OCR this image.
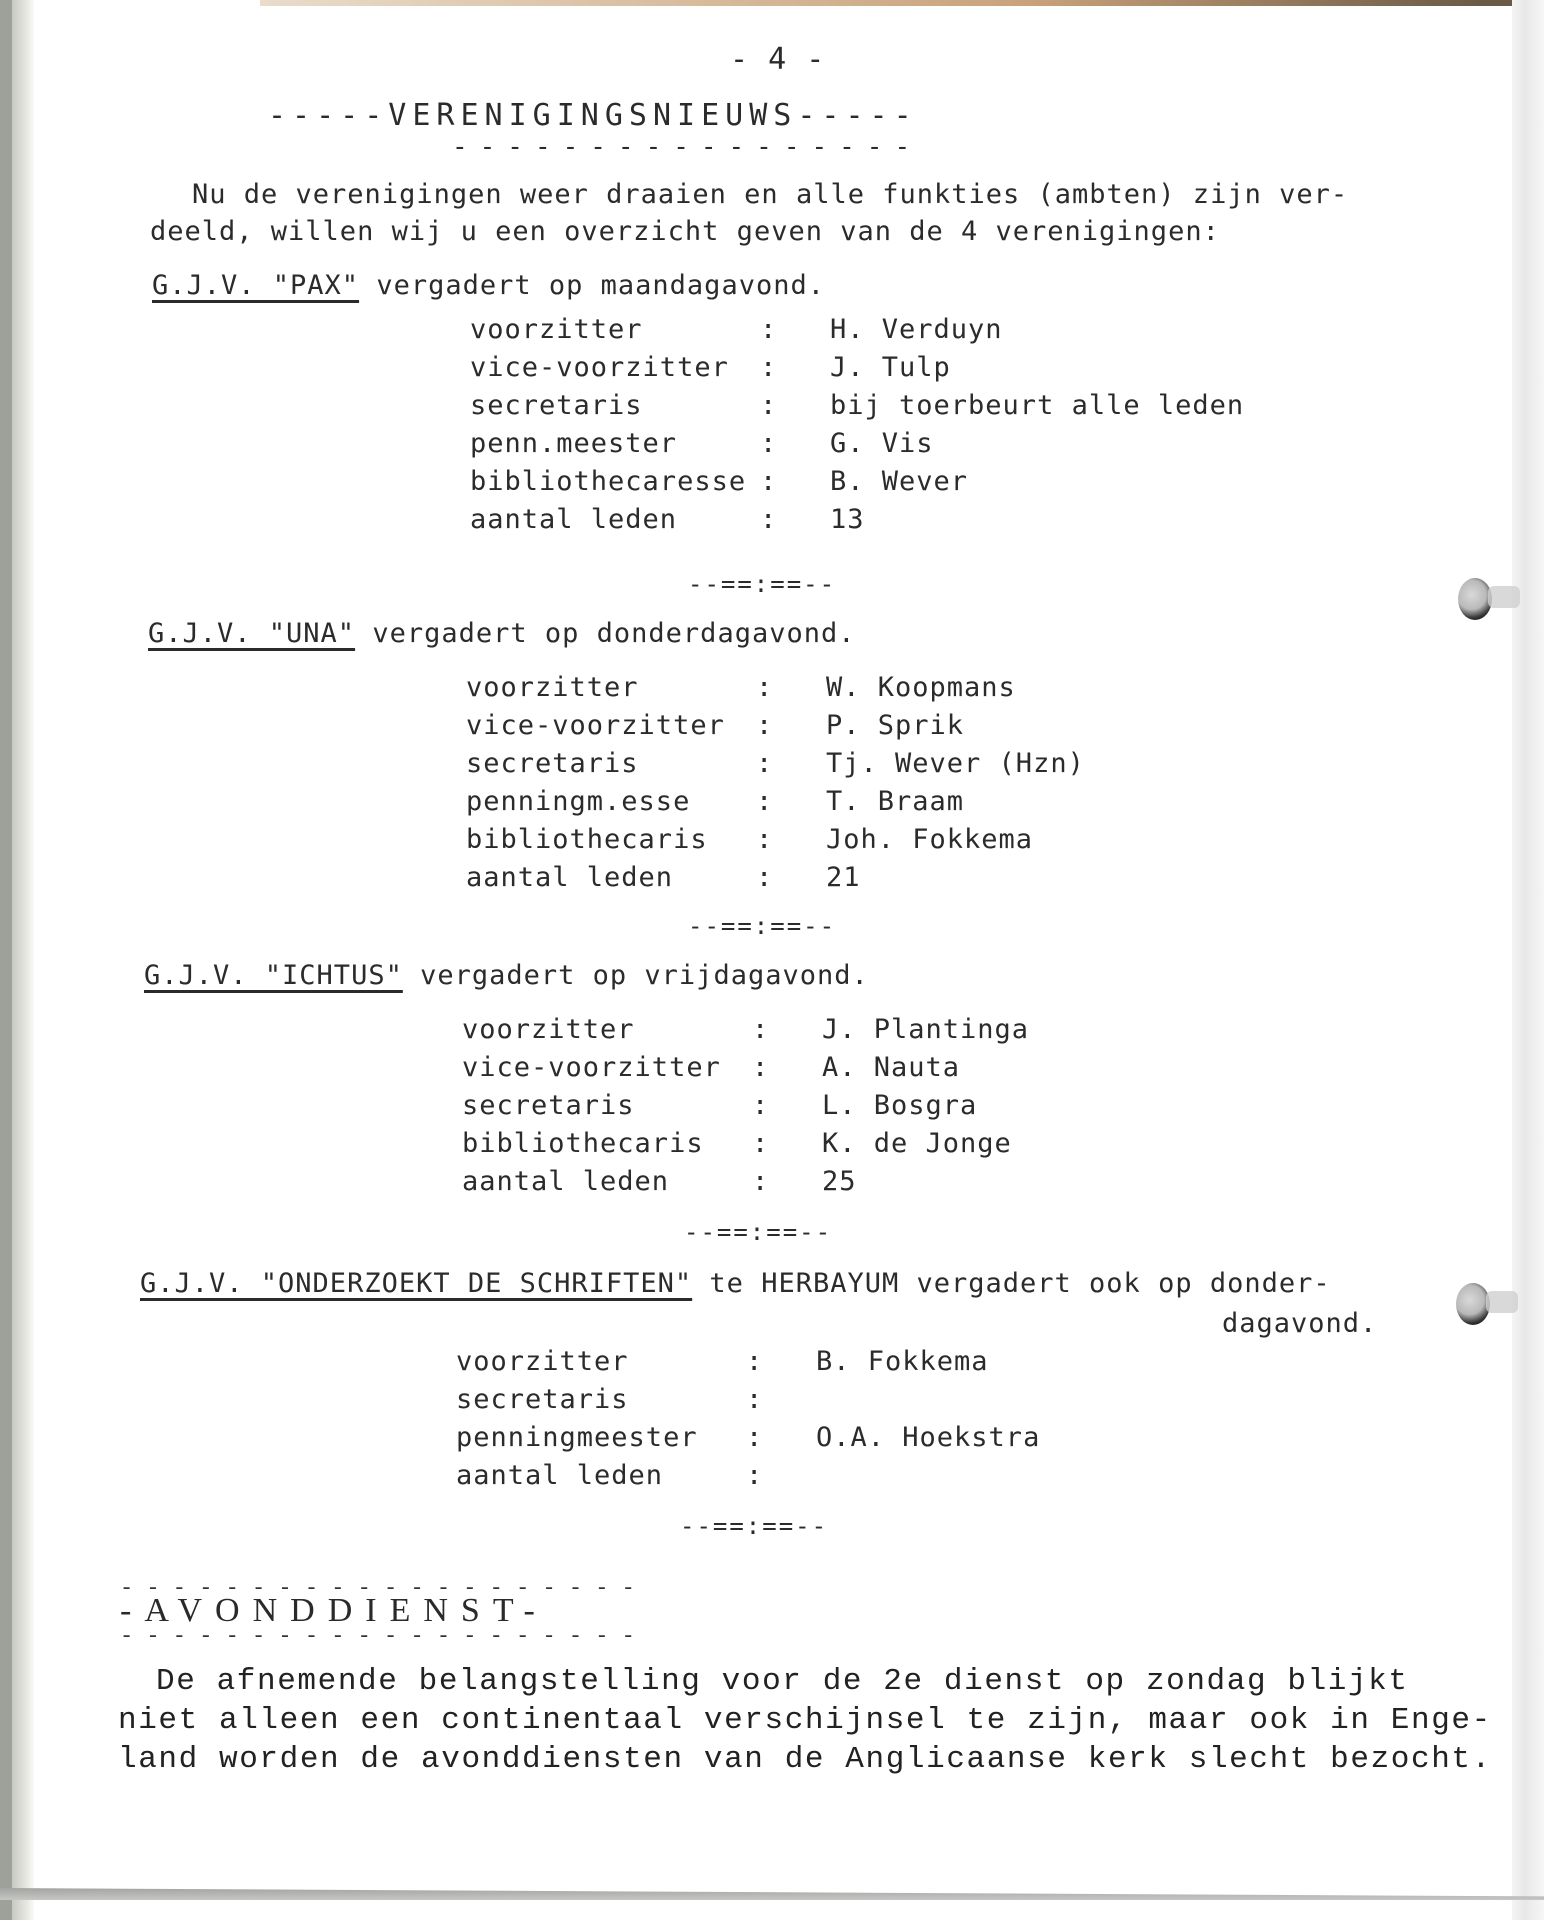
- 4 -
-----VERENIGINGSNIEUWS-----
-----------------
Nu de verenigingen weer draaien en alle funkties (ambten) zijn ver-
deeld, willen wij u een overzicht geven van de 4 verenigingen:
G.J.V. "PAX" vergadert op maandagavond.
voorzitter	:	H. Verduyn
vice-voorzitter	:	J. Tulp
secretaris	:	bij toerbeurt alle leden
penn.meester	:	G. Vis
bibliothecaresse :	B. Wever
aantal leden	:	13
--==:==--
G.J.V. "UNA" vergadert op donderdagavond.
voorzitter	:	W. Koopmans
vice-voorzitter	:	P. Sprik
secretaris	:	Tj. Wever (Hzn)
penningm.esse	:	T. Braam
bibliothecaris	:	Joh. Fokkema
aantal leden	:	21
--==:==--
G.J.V. "ICHTUS" vergadert op vrijdagavond.
voorzitter	:	J. Plantinga
vice-voorzitter	:	A. Nauta
secretaris	:	L. Bosgra
bibliothecaris	:	K. de Jonge
aantal leden	:	25
--==:==--
G.J.V. "ONDERZOEKT DE SCHRIFTEN" te HERBAYUM vergadert ook op donder-
dagavond.
voorzitter	:	B. Fokkema
secretaris	:
penningmeester	:	O.A. Hoekstra
aantal leden	:
--==:==--
- - - - - - - - - - - - - - - - - - - -
-AVONDDIENST-
- - - - - - - - - - - - - - - - - - - -
De afnemende belangstelling voor de 2e dienst op zondag blijkt
niet alleen een continentaal verschijnsel te zijn, maar ook in Enge-
land worden de avonddiensten van de Anglicaanse kerk slecht bezocht.
